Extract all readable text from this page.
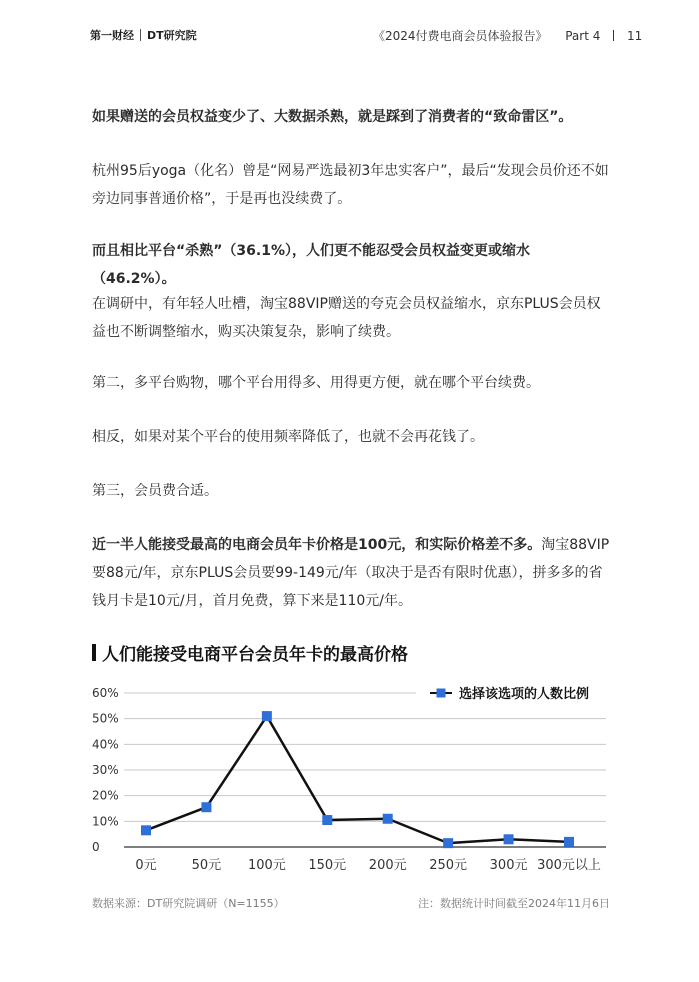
第一财经 DT研究院	《2024付费电商会员体验报告》 Part 4 11

如果赠送的会员权益变少了、大数据杀熟，就是踩到了消费者的“致命雷区”。

杭州95后yoga（化名）曾是“网易严选最初3年忠实客户”，最后“发现会员价还不如旁边同事普通价格”，于是再也没续费了。

而且相比平台“杀熟”（36.1%），人们更不能忍受会员权益变更或缩水（46.2%）。

在调研中，有年轻人吐槽，淘宝88VIP赠送的夸克会员权益缩水，京东PLUS会员权益也不断调整缩水，购买决策复杂，影响了续费。

第二，多平台购物，哪个平台用得多、用得更方便，就在哪个平台续费。

相反，如果对某个平台的使用频率降低了，也就不会再花钱了。

第三，会员费合适。

近一半人能接受最高的电商会员年卡价格是100元，和实际价格差不多。淘宝88VIP要88元/年，京东PLUS会员要99-149元/年（取决于是否有限时优惠），拼多多的省钱月卡是10元/月，首月免费，算下来是110元/年。

人们能接受电商平台会员年卡的最高价格
0
10%
20%
30%
40%
50%
60%
0元	50元 100元 150元 200元 250元 300元 300元以上
选择该选项的人数比例
数据来源：DT研究院调研（N=1155）	注：数据统计时间截至2024年11月6日
